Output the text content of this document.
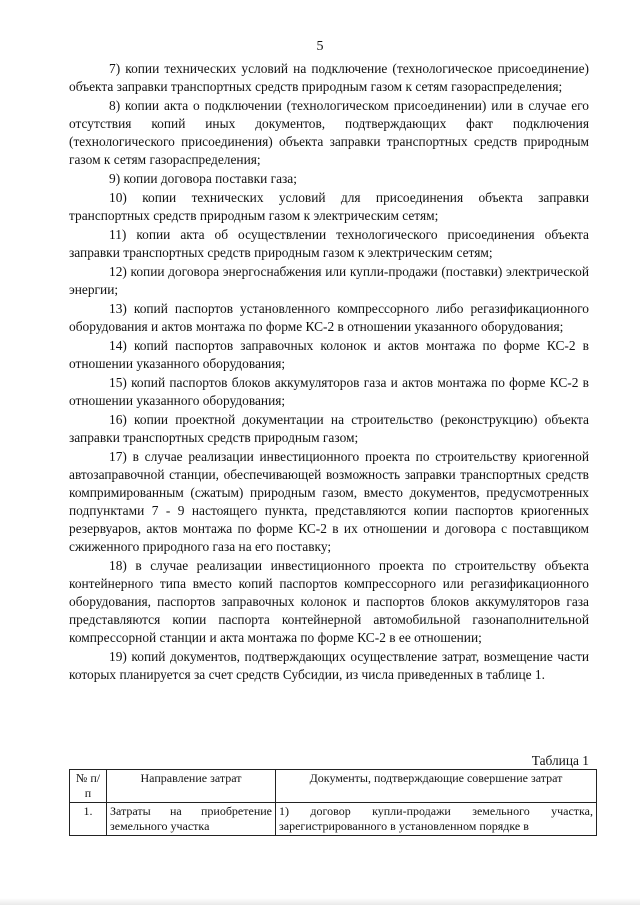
5

7) копии технических условий на подключение (технологическое присоединение) объекта заправки транспортных средств природным газом к сетям газораспределения;

8) копии акта о подключении (технологическом присоединении) или в случае его отсутствия копий иных документов, подтверждающих факт подключения (технологического присоединения) объекта заправки транспортных средств природным газом к сетям газораспределения;

9) копии договора поставки газа;

10) копии технических условий для присоединения объекта заправки транспортных средств природным газом к электрическим сетям;

11) копии акта об осуществлении технологического присоединения объекта заправки транспортных средств природным газом к электрическим сетям;

12) копии договора энергоснабжения или купли-продажи (поставки) электрической энергии;

13) копий паспортов установленного компрессорного либо регазификационного оборудования и актов монтажа по форме КС-2 в отношении указанного оборудования;

14) копий паспортов заправочных колонок и актов монтажа по форме КС-2 в отношении указанного оборудования;

15) копий паспортов блоков аккумуляторов газа и актов монтажа по форме КС-2 в отношении указанного оборудования;

16) копии проектной документации на строительство (реконструкцию) объекта заправки транспортных средств природным газом;

17) в случае реализации инвестиционного проекта по строительству криогенной автозаправочной станции, обеспечивающей возможность заправки транспортных средств компримированным (сжатым) природным газом, вместо документов, предусмотренных подпунктами 7 - 9 настоящего пункта, представляются копии паспортов криогенных резервуаров, актов монтажа по форме КС-2 в их отношении и договора с поставщиком сжиженного природного газа на его поставку;

18) в случае реализации инвестиционного проекта по строительству объекта контейнерного типа вместо копий паспортов компрессорного или регазификационного оборудования, паспортов заправочных колонок и паспортов блоков аккумуляторов газа представляются копии паспорта контейнерной автомобильной газонаполнительной компрессорной станции и акта монтажа по форме КС-2 в ее отношении;

19) копий документов, подтверждающих осуществление затрат, возмещение части которых планируется за счет средств Субсидии, из числа приведенных в таблице 1.

Таблица 1
№ п/п	Направление затрат	Документы, подтверждающие совершение затрат
1.	Затраты на приобретение земельного участка	1) договор купли-продажи земельного участка, зарегистрированного в установленном порядке в
